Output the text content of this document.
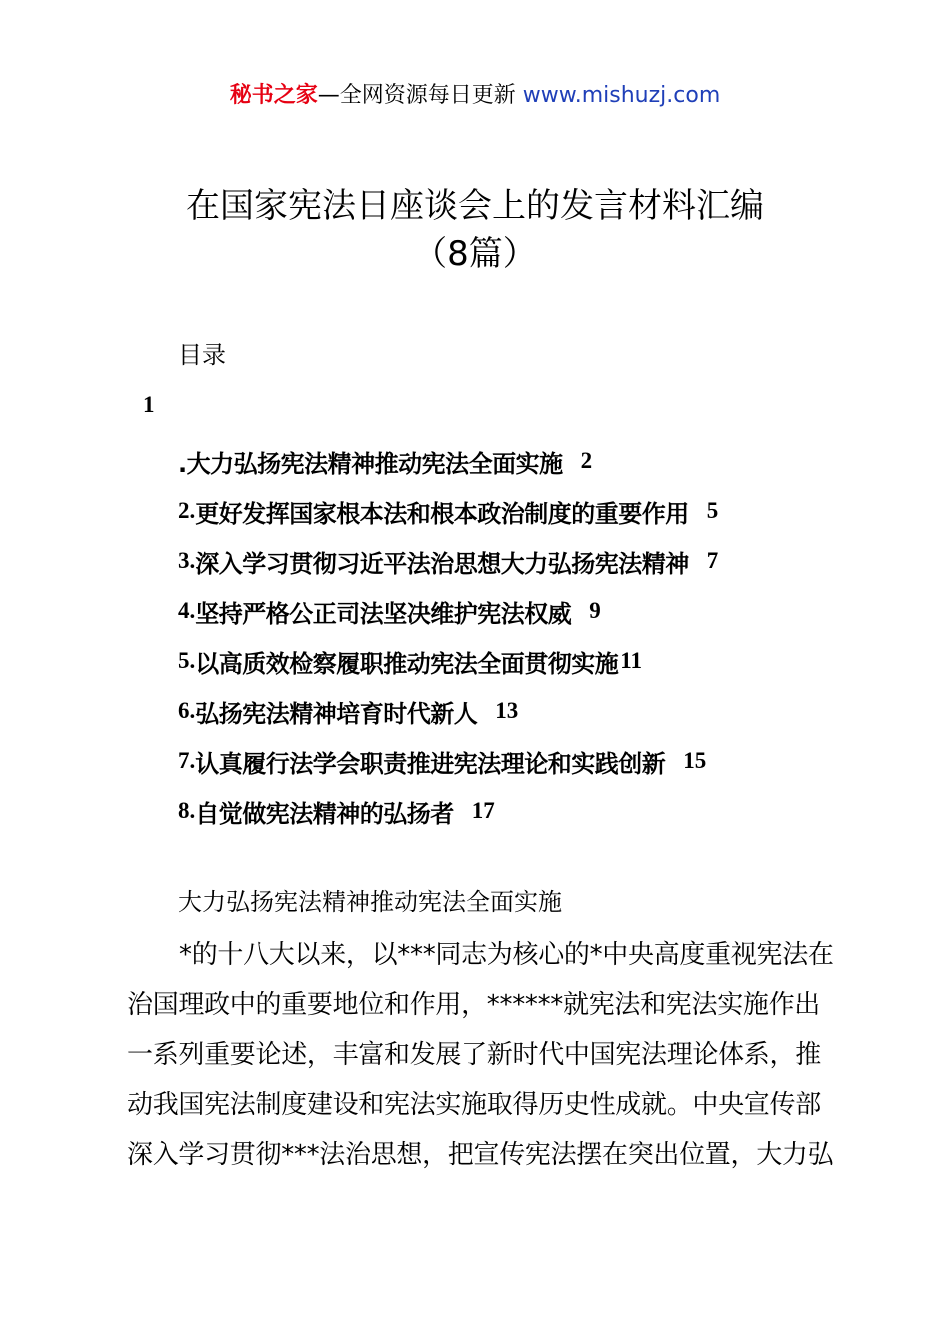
秘书之家—全网资源每日更新 www.mishuzj.com
在国家宪法日座谈会上的发言材料汇编
（8篇）
目录
1
.大力弘扬宪法精神推动宪法全面实施 2
2. 更好发挥国家根本法和根本政治制度的重要作用 5
3. 深入学习贯彻习近平法治思想大力弘扬宪法精神 7
4. 坚持严格公正司法坚决维护宪法权威 9
5. 以高质效检察履职推动宪法全面贯彻实施 11
6. 弘扬宪法精神培育时代新人 13
7. 认真履行法学会职责推进宪法理论和实践创新 15
8. 自觉做宪法精神的弘扬者 17
大力弘扬宪法精神推动宪法全面实施

*的十八大以来，以***同志为核心的*中央高度重视宪法在治国理政中的重要地位和作用，******就宪法和宪法实施作出一系列重要论述，丰富和发展了新时代中国宪法理论体系，推动我国宪法制度建设和宪法实施取得历史性成就。中央宣传部深入学习贯彻***法治思想，把宣传宪法摆在突出位置，大力弘
